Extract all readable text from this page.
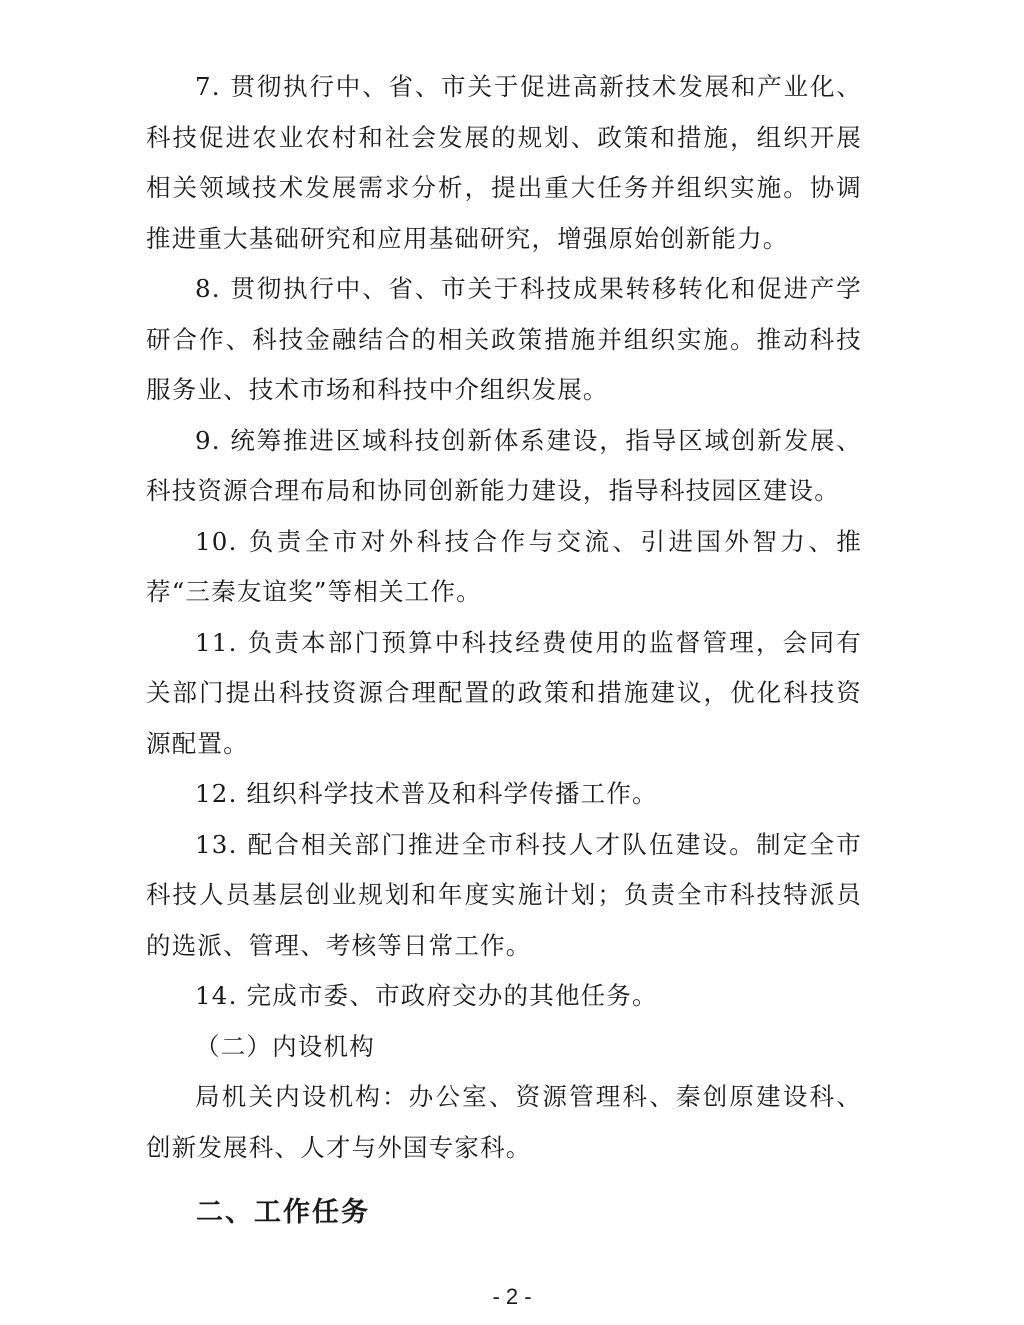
7. 贯彻执行中、省、市关于促进高新技术发展和产业化、科技促进农业农村和社会发展的规划、政策和措施，组织开展相关领域技术发展需求分析，提出重大任务并组织实施。协调推进重大基础研究和应用基础研究，增强原始创新能力。

8. 贯彻执行中、省、市关于科技成果转移转化和促进产学研合作、科技金融结合的相关政策措施并组织实施。推动科技服务业、技术市场和科技中介组织发展。

9. 统筹推进区域科技创新体系建设，指导区域创新发展、科技资源合理布局和协同创新能力建设，指导科技园区建设。

10. 负责全市对外科技合作与交流、引进国外智力、推荐“三秦友谊奖”等相关工作。

11. 负责本部门预算中科技经费使用的监督管理，会同有关部门提出科技资源合理配置的政策和措施建议，优化科技资源配置。

12. 组织科学技术普及和科学传播工作。

13. 配合相关部门推进全市科技人才队伍建设。制定全市科技人员基层创业规划和年度实施计划；负责全市科技特派员的选派、管理、考核等日常工作。

14. 完成市委、市政府交办的其他任务。

（二）内设机构

局机关内设机构：办公室、资源管理科、秦创原建设科、创新发展科、人才与外国专家科。

二、工作任务
- 2 -
